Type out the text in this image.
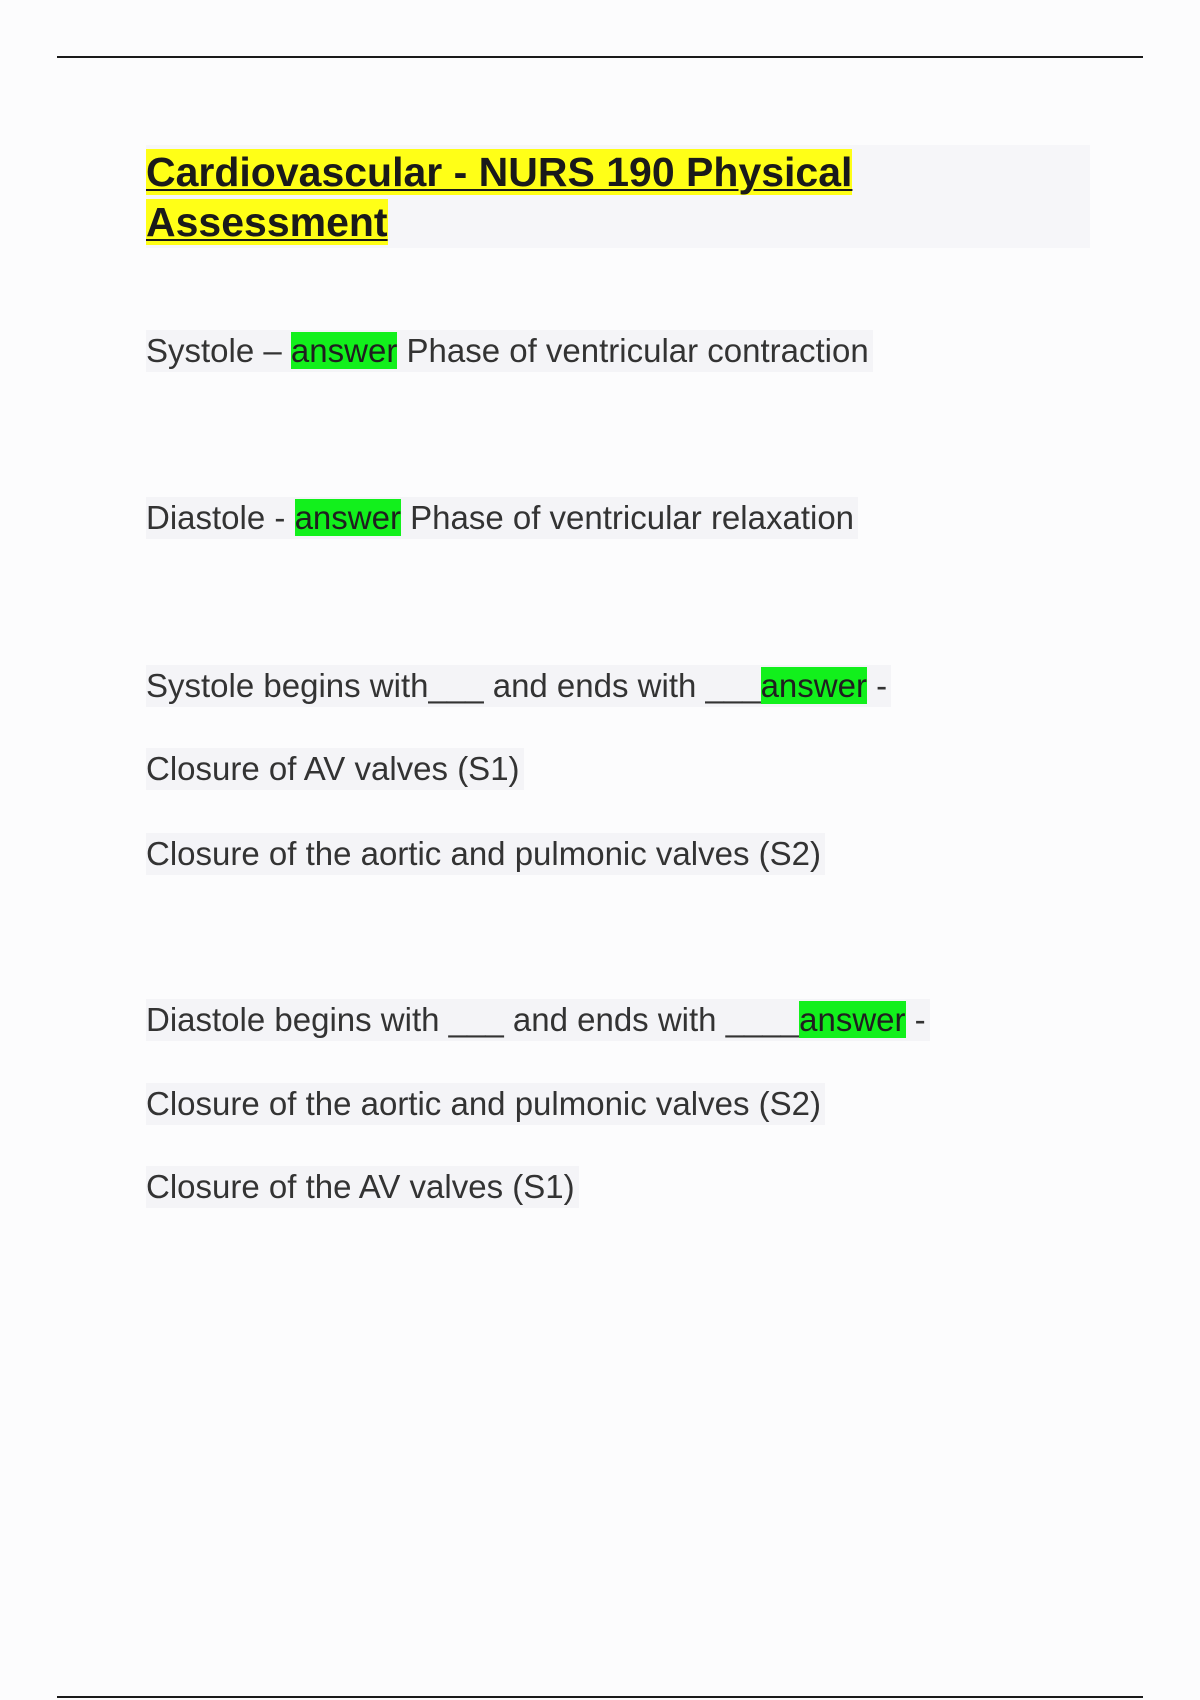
Cardiovascular - NURS 190 Physical
Assessment

Systole – answer Phase of ventricular contraction

Diastole - answer Phase of ventricular relaxation

Systole begins with___ and ends with ___answer -

Closure of AV valves (S1)

Closure of the aortic and pulmonic valves (S2)

Diastole begins with ___ and ends with ____answer -

Closure of the aortic and pulmonic valves (S2)

Closure of the AV valves (S1)
